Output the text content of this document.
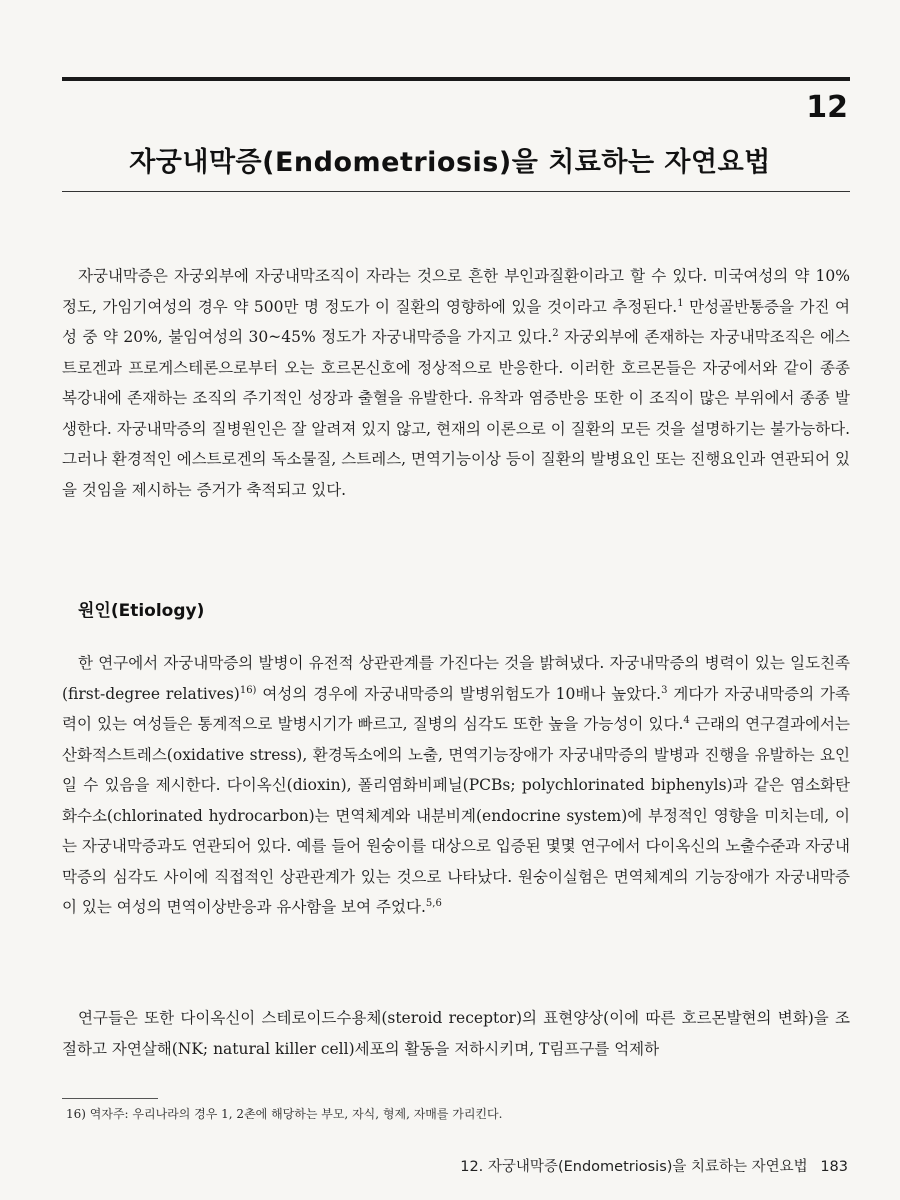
12
자궁내막증(Endometriosis)을 치료하는 자연요법

자궁내막증은 자궁외부에 자궁내막조직이 자라는 것으로 흔한 부인과질환이라고 할 수 있다. 미국여성의 약 10% 정도, 가임기여성의 경우 약 500만 명 정도가 이 질환의 영향하에 있을 것이라고 추정된다.$^1$ 만성골반통증을 가진 여성 중 약 20%, 불임여성의 30~45% 정도가 자궁내막증을 가지고 있다.$^2$ 자궁외부에 존재하는 자궁내막조직은 에스트로겐과 프로게스테론으로부터 오는 호르몬신호에 정상적으로 반응한다. 이러한 호르몬들은 자궁에서와 같이 종종 복강내에 존재하는 조직의 주기적인 성장과 출혈을 유발한다. 유착과 염증반응 또한 이 조직이 많은 부위에서 종종 발생한다. 자궁내막증의 질병원인은 잘 알려져 있지 않고, 현재의 이론으로 이 질환의 모든 것을 설명하기는 불가능하다. 그러나 환경적인 에스트로겐의 독소물질, 스트레스, 면역기능이상 등이 질환의 발병요인 또는 진행요인과 연관되어 있을 것임을 제시하는 증거가 축적되고 있다.

원인(Etiology)

한 연구에서 자궁내막증의 발병이 유전적 상관관계를 가진다는 것을 밝혀냈다. 자궁내막증의 병력이 있는 일도친족(first-degree relatives)$^{16)}$ 여성의 경우에 자궁내막증의 발병위험도가 10배나 높았다.$^3$ 게다가 자궁내막증의 가족력이 있는 여성들은 통계적으로 발병시기가 빠르고, 질병의 심각도 또한 높을 가능성이 있다.$^4$ 근래의 연구결과에서는 산화적스트레스(oxidative stress), 환경독소에의 노출, 면역기능장애가 자궁내막증의 발병과 진행을 유발하는 요인일 수 있음을 제시한다. 다이옥신(dioxin), 폴리염화비페닐(PCBs; polychlorinated biphenyls)과 같은 염소화탄화수소(chlorinated hydrocarbon)는 면역체계와 내분비계(endocrine system)에 부정적인 영향을 미치는데, 이는 자궁내막증과도 연관되어 있다. 예를 들어 원숭이를 대상으로 입증된 몇몇 연구에서 다이옥신의 노출수준과 자궁내막증의 심각도 사이에 직접적인 상관관계가 있는 것으로 나타났다. 원숭이실험은 면역체계의 기능장애가 자궁내막증이 있는 여성의 면역이상반응과 유사함을 보여 주었다.$^{5,6}$

연구들은 또한 다이옥신이 스테로이드수용체(steroid receptor)의 표현양상(이에 따른 호르몬발현의 변화)을 조절하고 자연살해(NK; natural killer cell)세포의 활동을 저하시키며, T림프구를 억제하

16) 역자주: 우리나라의 경우 1, 2촌에 해당하는 부모, 자식, 형제, 자매를 가리킨다.
12. 자궁내막증(Endometriosis)을 치료하는 자연요법 183
